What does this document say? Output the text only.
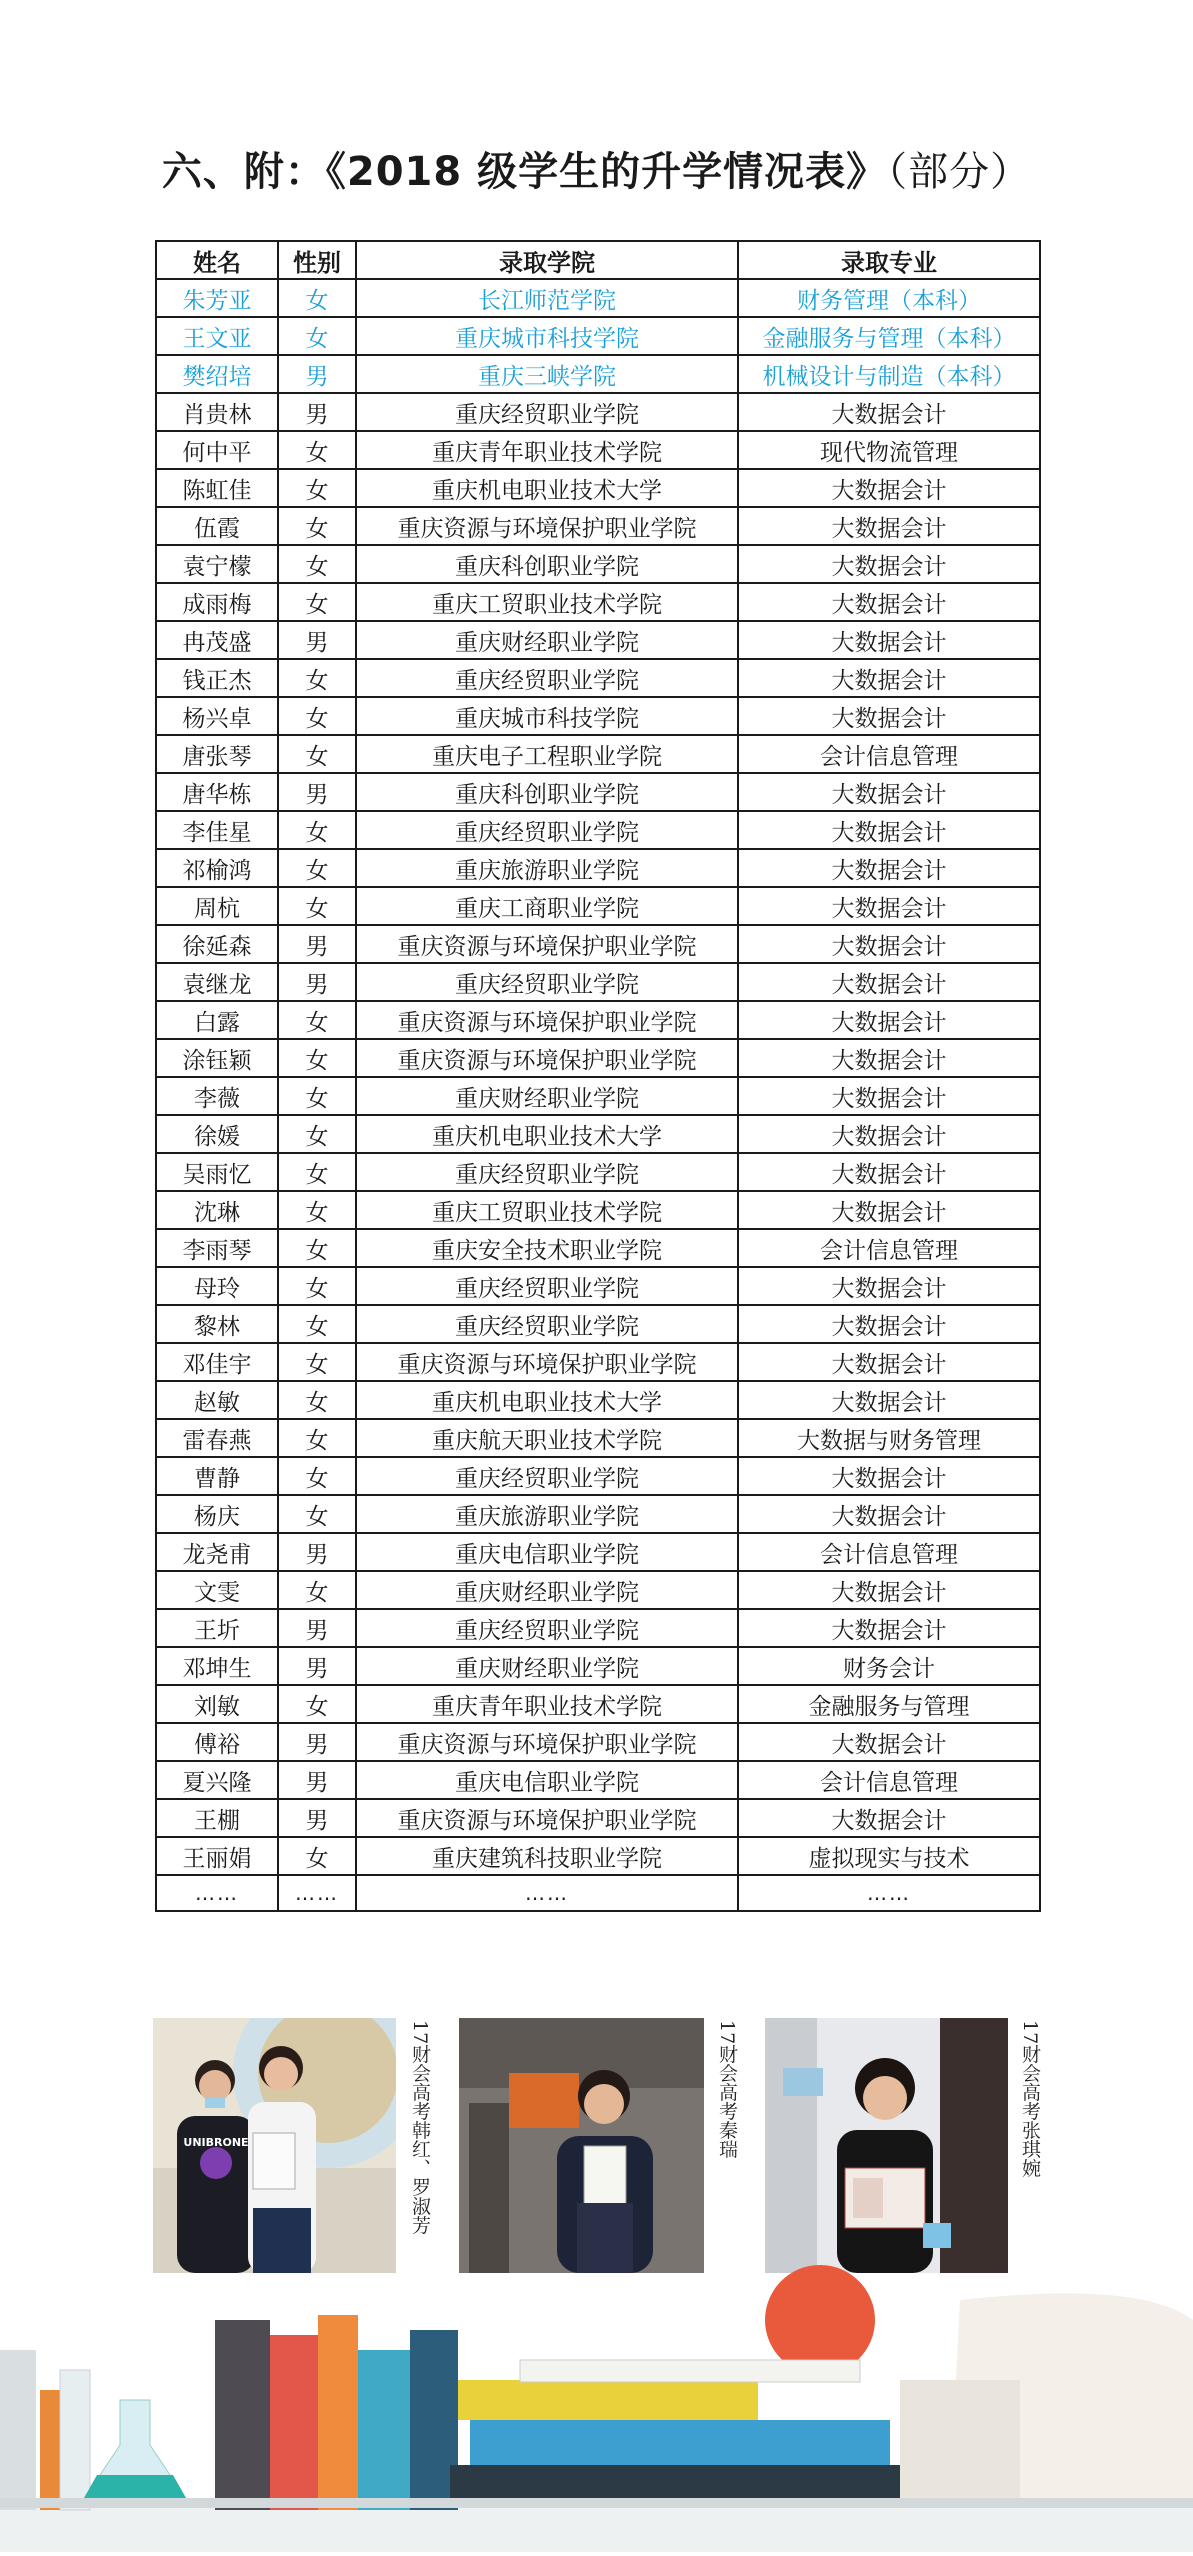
六、附：《2018 级学生的升学情况表》（部分）
姓名	性别	录取学院	录取专业
朱芳亚	女	长江师范学院	财务管理（本科）
王文亚	女	重庆城市科技学院	金融服务与管理（本科）
樊绍培	男	重庆三峡学院	机械设计与制造（本科）
肖贵林	男	重庆经贸职业学院	大数据会计
何中平	女	重庆青年职业技术学院	现代物流管理
陈虹佳	女	重庆机电职业技术大学	大数据会计
伍霞	女	重庆资源与环境保护职业学院	大数据会计
袁宁檬	女	重庆科创职业学院	大数据会计
成雨梅	女	重庆工贸职业技术学院	大数据会计
冉茂盛	男	重庆财经职业学院	大数据会计
钱正杰	女	重庆经贸职业学院	大数据会计
杨兴卓	女	重庆城市科技学院	大数据会计
唐张琴	女	重庆电子工程职业学院	会计信息管理
唐华栋	男	重庆科创职业学院	大数据会计
李佳星	女	重庆经贸职业学院	大数据会计
祁榆鸿	女	重庆旅游职业学院	大数据会计
周杭	女	重庆工商职业学院	大数据会计
徐延森	男	重庆资源与环境保护职业学院	大数据会计
袁继龙	男	重庆经贸职业学院	大数据会计
白露	女	重庆资源与环境保护职业学院	大数据会计
涂钰颖	女	重庆资源与环境保护职业学院	大数据会计
李薇	女	重庆财经职业学院	大数据会计
徐媛	女	重庆机电职业技术大学	大数据会计
吴雨忆	女	重庆经贸职业学院	大数据会计
沈琳	女	重庆工贸职业技术学院	大数据会计
李雨琴	女	重庆安全技术职业学院	会计信息管理
母玲	女	重庆经贸职业学院	大数据会计
黎林	女	重庆经贸职业学院	大数据会计
邓佳宇	女	重庆资源与环境保护职业学院	大数据会计
赵敏	女	重庆机电职业技术大学	大数据会计
雷春燕	女	重庆航天职业技术学院	大数据与财务管理
曹静	女	重庆经贸职业学院	大数据会计
杨庆	女	重庆旅游职业学院	大数据会计
龙尧甫	男	重庆电信职业学院	会计信息管理
文雯	女	重庆财经职业学院	大数据会计
王圻	男	重庆经贸职业学院	大数据会计
邓坤生	男	重庆财经职业学院	财务会计
刘敏	女	重庆青年职业技术学院	金融服务与管理
傅裕	男	重庆资源与环境保护职业学院	大数据会计
夏兴隆	男	重庆电信职业学院	会计信息管理
王棚	男	重庆资源与环境保护职业学院	大数据会计
王丽娟	女	重庆建筑科技职业学院	虚拟现实与技术
……	……	……	……
UNIBRONE	17财会高考韩红、罗淑芳	17财会高考秦瑞	17财会高考张琪婉
